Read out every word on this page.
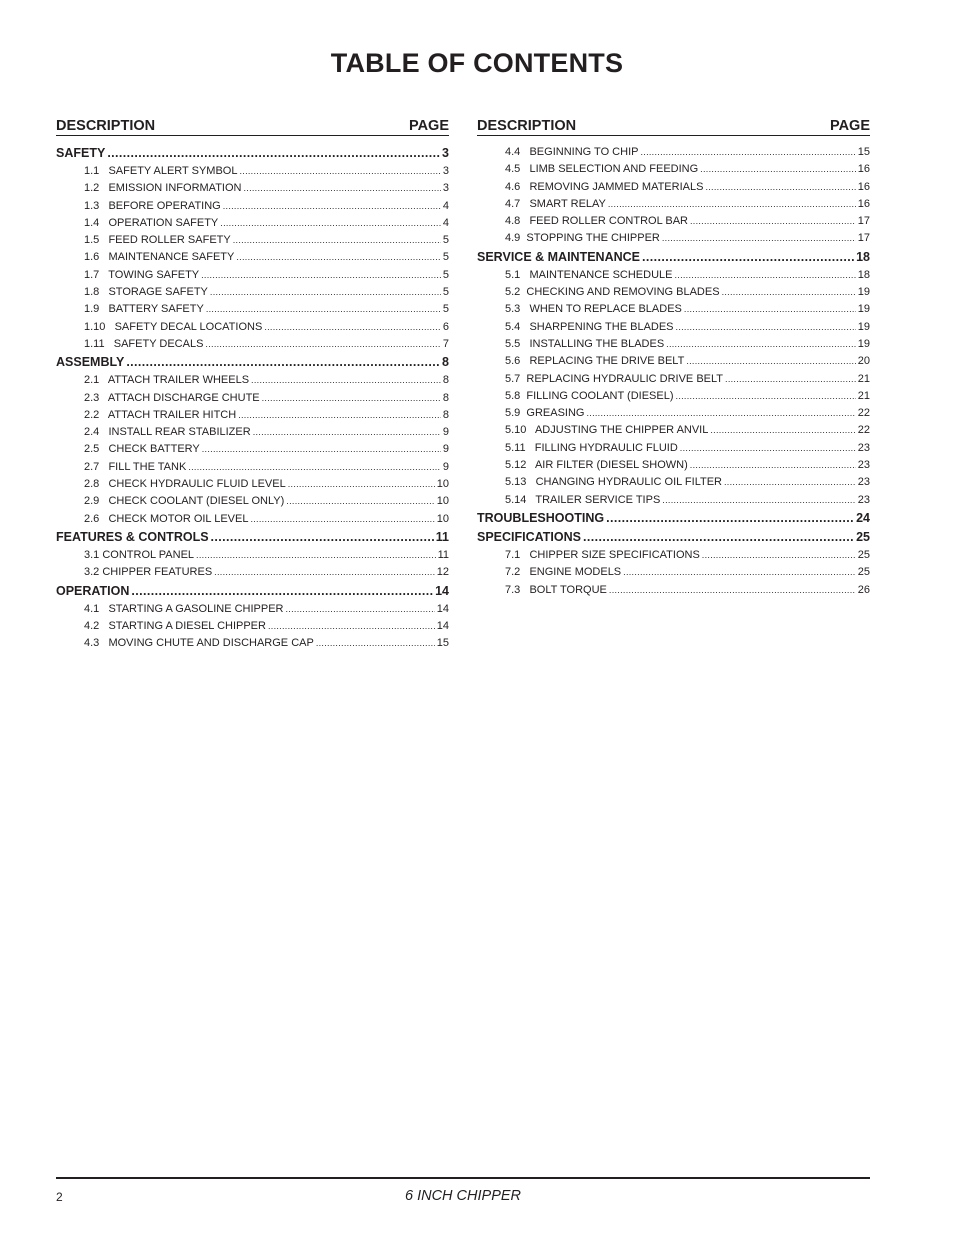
TABLE OF CONTENTS
DESCRIPTION	PAGE
SAFETY .....	3
1.1   SAFETY ALERT SYMBOL .....	3
1.2   EMISSION INFORMATION .....	3
1.3   BEFORE OPERATING .....	4
1.4   OPERATION SAFETY .....	4
1.5   FEED ROLLER SAFETY .....	5
1.6   MAINTENANCE SAFETY .....	5
1.7   TOWING SAFETY .....	5
1.8   STORAGE SAFETY .....	5
1.9   BATTERY SAFETY .....	5
1.10   SAFETY DECAL LOCATIONS .....	6
1.11   SAFETY DECALS .....	7
ASSEMBLY .....	8
2.1   ATTACH TRAILER WHEELS .....	8
2.3   ATTACH DISCHARGE CHUTE .....	8
2.2   ATTACH TRAILER HITCH .....	8
2.4   INSTALL REAR STABILIZER .....	9
2.5   CHECK BATTERY .....	9
2.7   FILL THE TANK .....	9
2.8   CHECK HYDRAULIC FLUID LEVEL .....	10
2.9   CHECK COOLANT (DIESEL ONLY) .....	10
2.6   CHECK MOTOR OIL LEVEL .....	10
FEATURES & CONTROLS .....	11
3.1 CONTROL PANEL .....	11
3.2 CHIPPER FEATURES .....	12
OPERATION .....	14
4.1   STARTING A GASOLINE CHIPPER .....	14
4.2   STARTING A DIESEL CHIPPER .....	14
4.3   MOVING CHUTE AND DISCHARGE CAP .....	15
DESCRIPTION	PAGE
4.4   BEGINNING TO CHIP .....	15
4.5   LIMB SELECTION AND FEEDING .....	16
4.6   REMOVING JAMMED MATERIALS .....	16
4.7   SMART RELAY .....	16
4.8   FEED ROLLER CONTROL BAR .....	17
4.9  STOPPING THE CHIPPER .....	17
SERVICE & MAINTENANCE .....	18
5.1   MAINTENANCE SCHEDULE .....	18
5.2  CHECKING AND REMOVING BLADES .....	19
5.3   WHEN TO REPLACE BLADES .....	19
5.4   SHARPENING THE BLADES .....	19
5.5   INSTALLING THE BLADES .....	19
5.6   REPLACING THE DRIVE BELT .....	20
5.7  REPLACING HYDRAULIC DRIVE BELT .....	21
5.8  FILLING COOLANT (DIESEL) .....	21
5.9  GREASING .....	22
5.10   ADJUSTING THE CHIPPER ANVIL .....	22
5.11   FILLING HYDRAULIC FLUID .....	23
5.12   AIR FILTER (DIESEL SHOWN) .....	23
5.13   CHANGING HYDRAULIC OIL FILTER .....	23
5.14   TRAILER SERVICE TIPS .....	23
TROUBLESHOOTING .....	24
SPECIFICATIONS .....	25
7.1   CHIPPER SIZE SPECIFICATIONS .....	25
7.2   ENGINE MODELS .....	25
7.3   BOLT TORQUE .....	26
2	6 INCH CHIPPER
